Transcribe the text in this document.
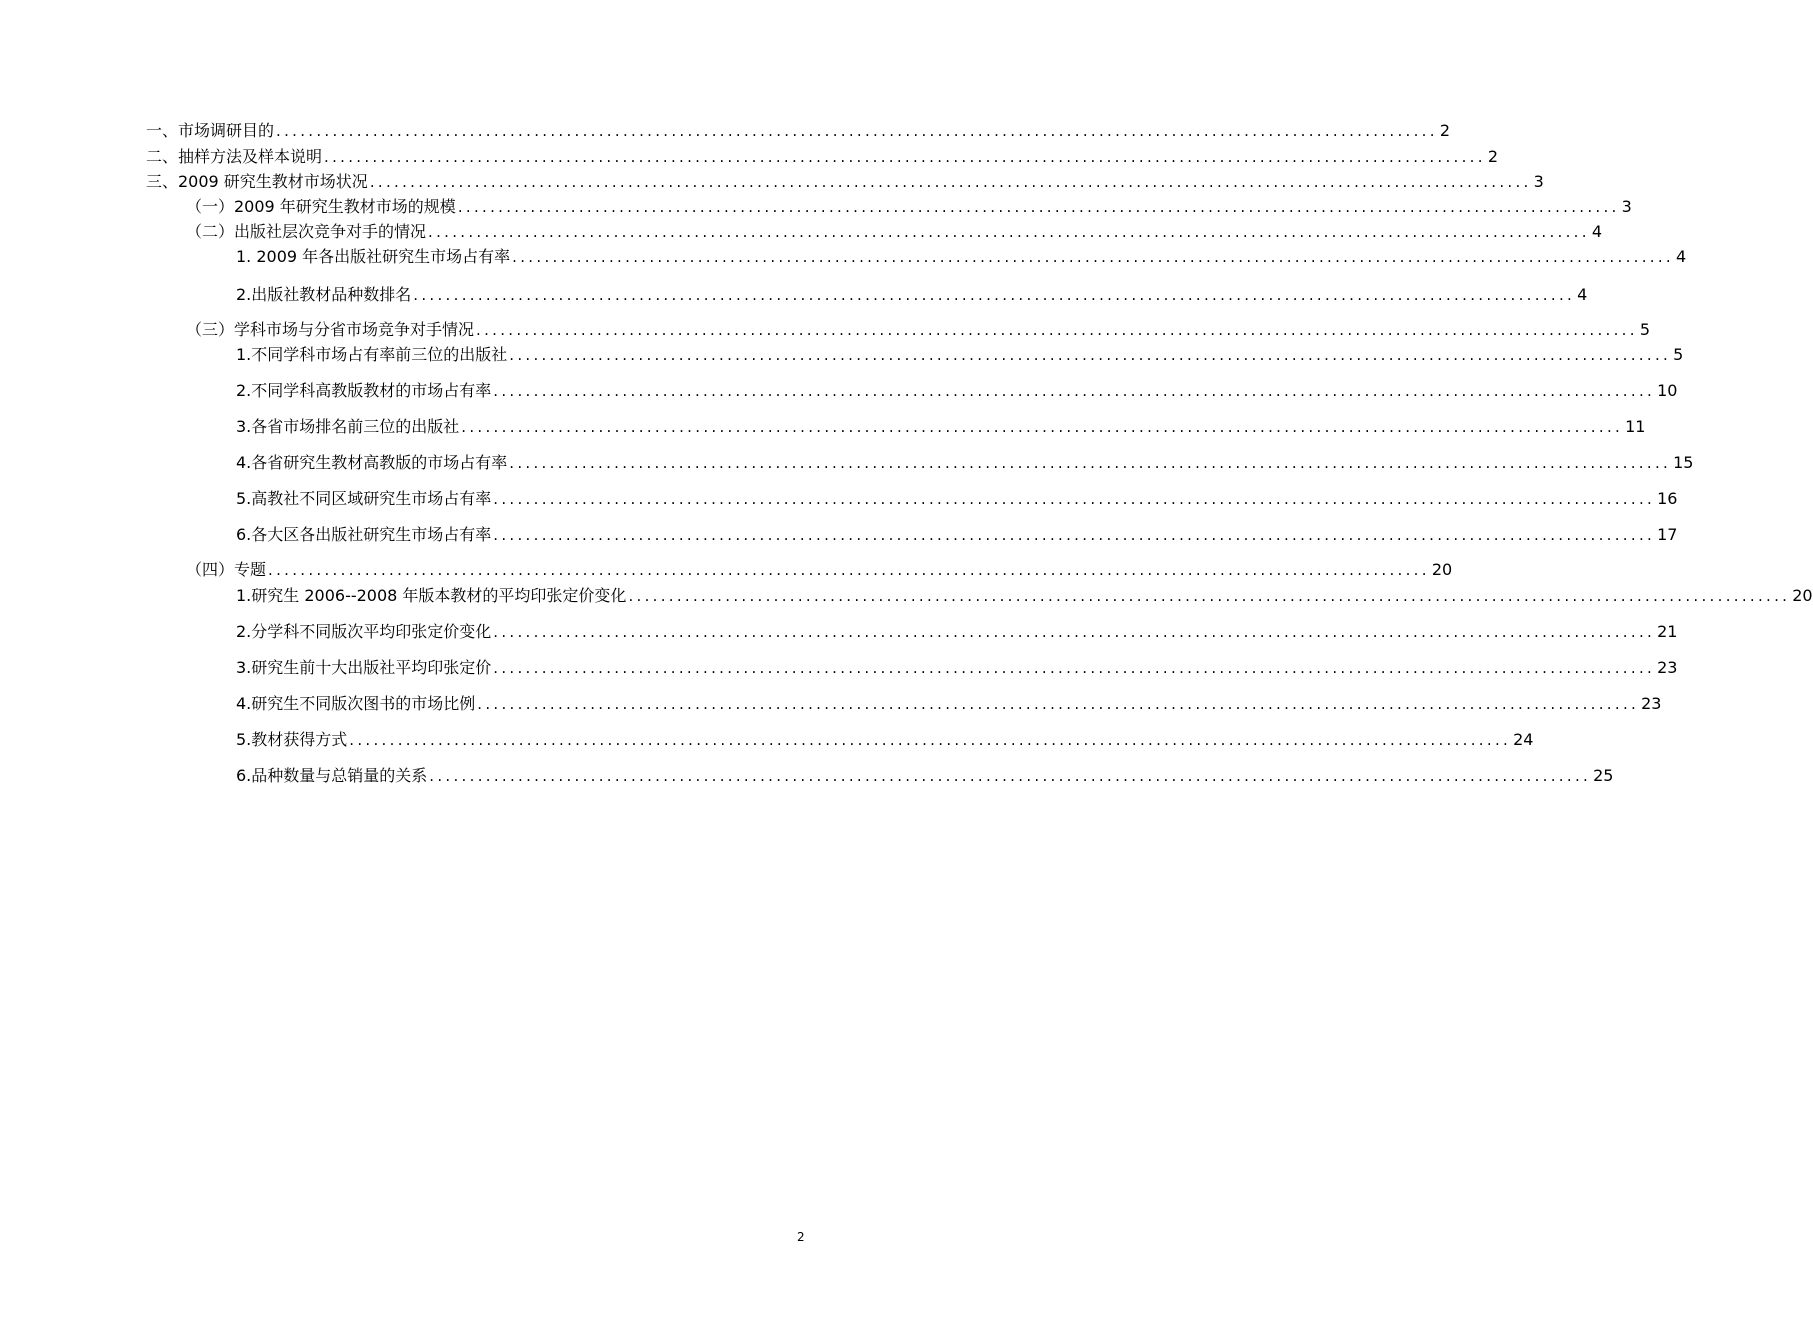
一、市场调研目的 ................................................................................................................................................ 2
二、抽样方法及样本说明 ................................................................................................................................................ 2
三、2009 研究生教材市场状况 ................................................................................................................................................ 3
（一）2009 年研究生教材市场的规模 ................................................................................................................................................ 3
（二）出版社层次竞争对手的情况 ................................................................................................................................................ 4
1. 2009 年各出版社研究生市场占有率 ................................................................................................................................................ 4
2.出版社教材品种数排名 ................................................................................................................................................ 4
（三）学科市场与分省市场竞争对手情况 ................................................................................................................................................ 5
1.不同学科市场占有率前三位的出版社 ................................................................................................................................................ 5
2.不同学科高教版教材的市场占有率 ................................................................................................................................................ 10
3.各省市场排名前三位的出版社 ................................................................................................................................................ 11
4.各省研究生教材高教版的市场占有率 ................................................................................................................................................ 15
5.高教社不同区域研究生市场占有率 ................................................................................................................................................ 16
6.各大区各出版社研究生市场占有率 ................................................................................................................................................ 17
（四）专题 ................................................................................................................................................ 20
1.研究生 2006--2008 年版本教材的平均印张定价变化 ................................................................................................................................................ 20
2.分学科不同版次平均印张定价变化 ................................................................................................................................................ 21
3.研究生前十大出版社平均印张定价 ................................................................................................................................................ 23
4.研究生不同版次图书的市场比例 ................................................................................................................................................ 23
5.教材获得方式 ................................................................................................................................................ 24
6.品种数量与总销量的关系 ................................................................................................................................................ 25
2
